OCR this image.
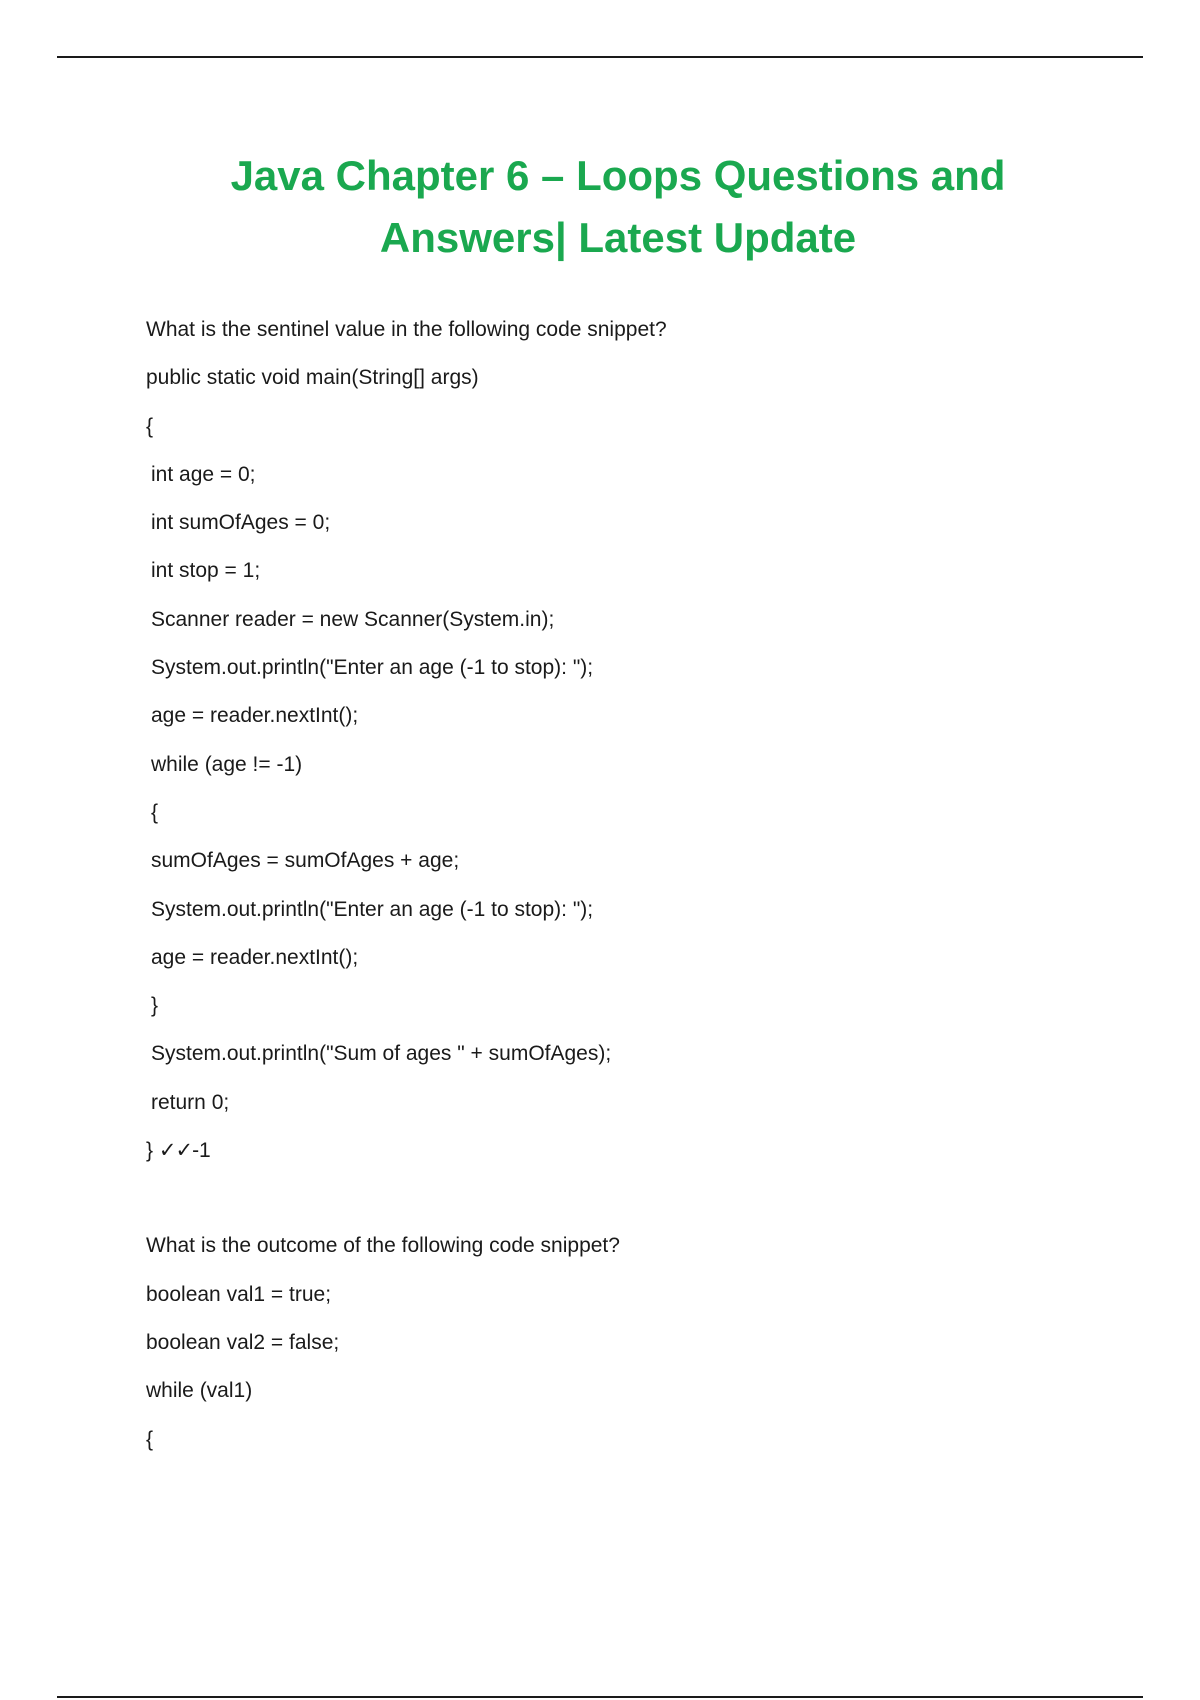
Java Chapter 6 – Loops Questions and
Answers| Latest Update
What is the sentinel value in the following code snippet?
public static void main(String[] args)
{
int age = 0;
int sumOfAges = 0;
int stop = 1;
Scanner reader = new Scanner(System.in);
System.out.println("Enter an age (-1 to stop): ");
age = reader.nextInt();
while (age != -1)
{
sumOfAges = sumOfAges + age;
System.out.println("Enter an age (-1 to stop): ");
age = reader.nextInt();
}
System.out.println("Sum of ages " + sumOfAges);
return 0;
} ✓✓-1
What is the outcome of the following code snippet?
boolean val1 = true;
boolean val2 = false;
while (val1)
{
